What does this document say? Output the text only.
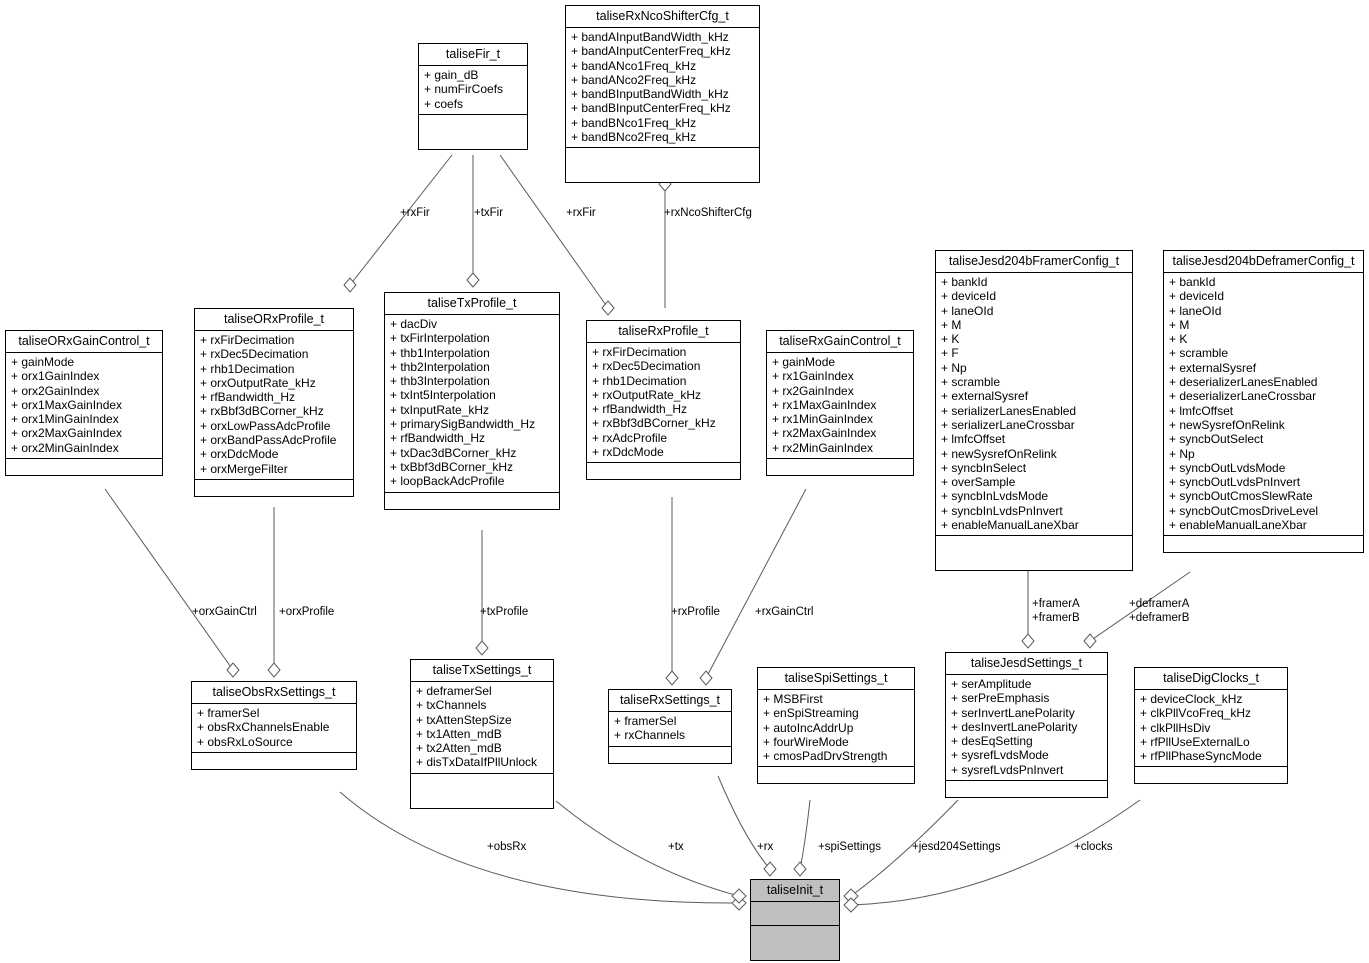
taliseRxNcoShifterCfg_t
+ bandAInputBandWidth_kHz
+ bandAInputCenterFreq_kHz
+ bandANco1Freq_kHz
+ bandANco2Freq_kHz
+ bandBInputBandWidth_kHz
+ bandBInputCenterFreq_kHz
+ bandBNco1Freq_kHz
+ bandBNco2Freq_kHz
taliseFir_t
+ gain_dB
+ numFirCoefs
+ coefs
taliseORxGainControl_t
+ gainMode
+ orx1GainIndex
+ orx2GainIndex
+ orx1MaxGainIndex
+ orx1MinGainIndex
+ orx2MaxGainIndex
+ orx2MinGainIndex
taliseORxProfile_t
+ rxFirDecimation
+ rxDec5Decimation
+ rhb1Decimation
+ orxOutputRate_kHz
+ rfBandwidth_Hz
+ rxBbf3dBCorner_kHz
+ orxLowPassAdcProfile
+ orxBandPassAdcProfile
+ orxDdcMode
+ orxMergeFilter
taliseTxProfile_t
+ dacDiv
+ txFirInterpolation
+ thb1Interpolation
+ thb2Interpolation
+ thb3Interpolation
+ txInt5Interpolation
+ txInputRate_kHz
+ primarySigBandwidth_Hz
+ rfBandwidth_Hz
+ txDac3dBCorner_kHz
+ txBbf3dBCorner_kHz
+ loopBackAdcProfile
taliseRxProfile_t
+ rxFirDecimation
+ rxDec5Decimation
+ rhb1Decimation
+ rxOutputRate_kHz
+ rfBandwidth_Hz
+ rxBbf3dBCorner_kHz
+ rxAdcProfile
+ rxDdcMode
taliseRxGainControl_t
+ gainMode
+ rx1GainIndex
+ rx2GainIndex
+ rx1MaxGainIndex
+ rx1MinGainIndex
+ rx2MaxGainIndex
+ rx2MinGainIndex
taliseJesd204bFramerConfig_t
+ bankId
+ deviceId
+ laneOId
+ M
+ K
+ F
+ Np
+ scramble
+ externalSysref
+ serializerLanesEnabled
+ serializerLaneCrossbar
+ lmfcOffset
+ newSysrefOnRelink
+ syncbInSelect
+ overSample
+ syncbInLvdsMode
+ syncbInLvdsPnInvert
+ enableManualLaneXbar
taliseJesd204bDeframerConfig_t
+ bankId
+ deviceId
+ laneOId
+ M
+ K
+ scramble
+ externalSysref
+ deserializerLanesEnabled
+ deserializerLaneCrossbar
+ lmfcOffset
+ newSysrefOnRelink
+ syncbOutSelect
+ Np
+ syncbOutLvdsMode
+ syncbOutLvdsPnInvert
+ syncbOutCmosSlewRate
+ syncbOutCmosDriveLevel
+ enableManualLaneXbar
taliseObsRxSettings_t
+ framerSel
+ obsRxChannelsEnable
+ obsRxLoSource
taliseTxSettings_t
+ deframerSel
+ txChannels
+ txAttenStepSize
+ tx1Atten_mdB
+ tx2Atten_mdB
+ disTxDataIfPllUnlock
taliseRxSettings_t
+ framerSel
+ rxChannels
taliseSpiSettings_t
+ MSBFirst
+ enSpiStreaming
+ autoIncAddrUp
+ fourWireMode
+ cmosPadDrvStrength
taliseJesdSettings_t
+ serAmplitude
+ serPreEmphasis
+ serInvertLanePolarity
+ desInvertLanePolarity
+ desEqSetting
+ sysrefLvdsMode
+ sysrefLvdsPnInvert
taliseDigClocks_t
+ deviceClock_kHz
+ clkPllVcoFreq_kHz
+ clkPllHsDiv
+ rfPllUseExternalLo
+ rfPllPhaseSyncMode
taliseInit_t
+rxFir	+txFir	+rxFir	+rxNcoShifterCfg
+orxGainCtrl +orxProfile	+txProfile	+rxProfile	+rxGainCtrl
+framerA
+framerB
+deframerA
+deframerB
+obsRx	+tx	+rx	+spiSettings	+jesd204Settings	+clocks
